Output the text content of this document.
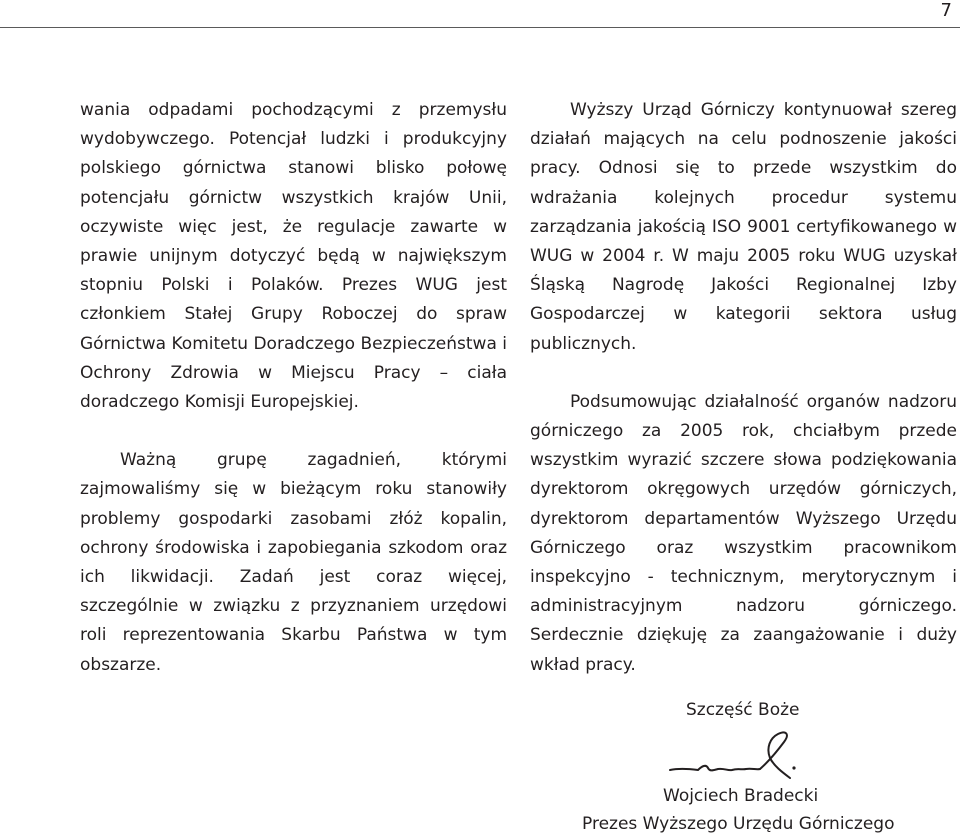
7

wania odpadami pochodzącymi z przemysłu wydobywczego. Potencjał ludzki i produkcyjny polskiego górnictwa stanowi blisko połowę potencjału górnictw wszystkich krajów Unii, oczywiste więc jest, że regulacje zawarte w prawie unijnym dotyczyć będą w największym stopniu Polski i Polaków. Prezes WUG jest członkiem Stałej Grupy Roboczej do spraw Górnictwa Komitetu Doradczego Bezpieczeństwa i Ochrony Zdrowia w Miejscu Pracy – ciała doradczego Komisji Europejskiej.

Ważną grupę zagadnień, którymi zajmowaliśmy się w bieżącym roku stanowiły problemy gospodarki zasobami złóż kopalin, ochrony środowiska i zapobiegania szkodom oraz ich likwidacji. Zadań jest coraz więcej, szczególnie w związku z przyznaniem urzędowi roli reprezentowania Skarbu Państwa w tym obszarze.

Wyższy Urząd Górniczy kontynuował szereg działań mających na celu podnoszenie jakości pracy. Odnosi się to przede wszystkim do wdrażania kolejnych procedur systemu zarządzania jakością ISO 9001 certyfikowanego w WUG w 2004 r. W maju 2005 roku WUG uzyskał Śląską Nagrodę Jakości Regionalnej Izby Gospodarczej w kategorii sektora usług publicznych.

Podsumowując działalność organów nadzoru górniczego za 2005 rok, chciałbym przede wszystkim wyrazić szczere słowa podziękowania dyrektorom okręgowych urzędów górniczych, dyrektorom departamentów Wyższego Urzędu Górniczego oraz wszystkim pracownikom inspekcyjno - technicznym, merytorycznym i administracyjnym nadzoru górniczego. Serdecznie dziękuję za zaangażowanie i duży wkład pracy.

Szczęść Boże
Wojciech Bradecki
Prezes Wyższego Urzędu Górniczego
